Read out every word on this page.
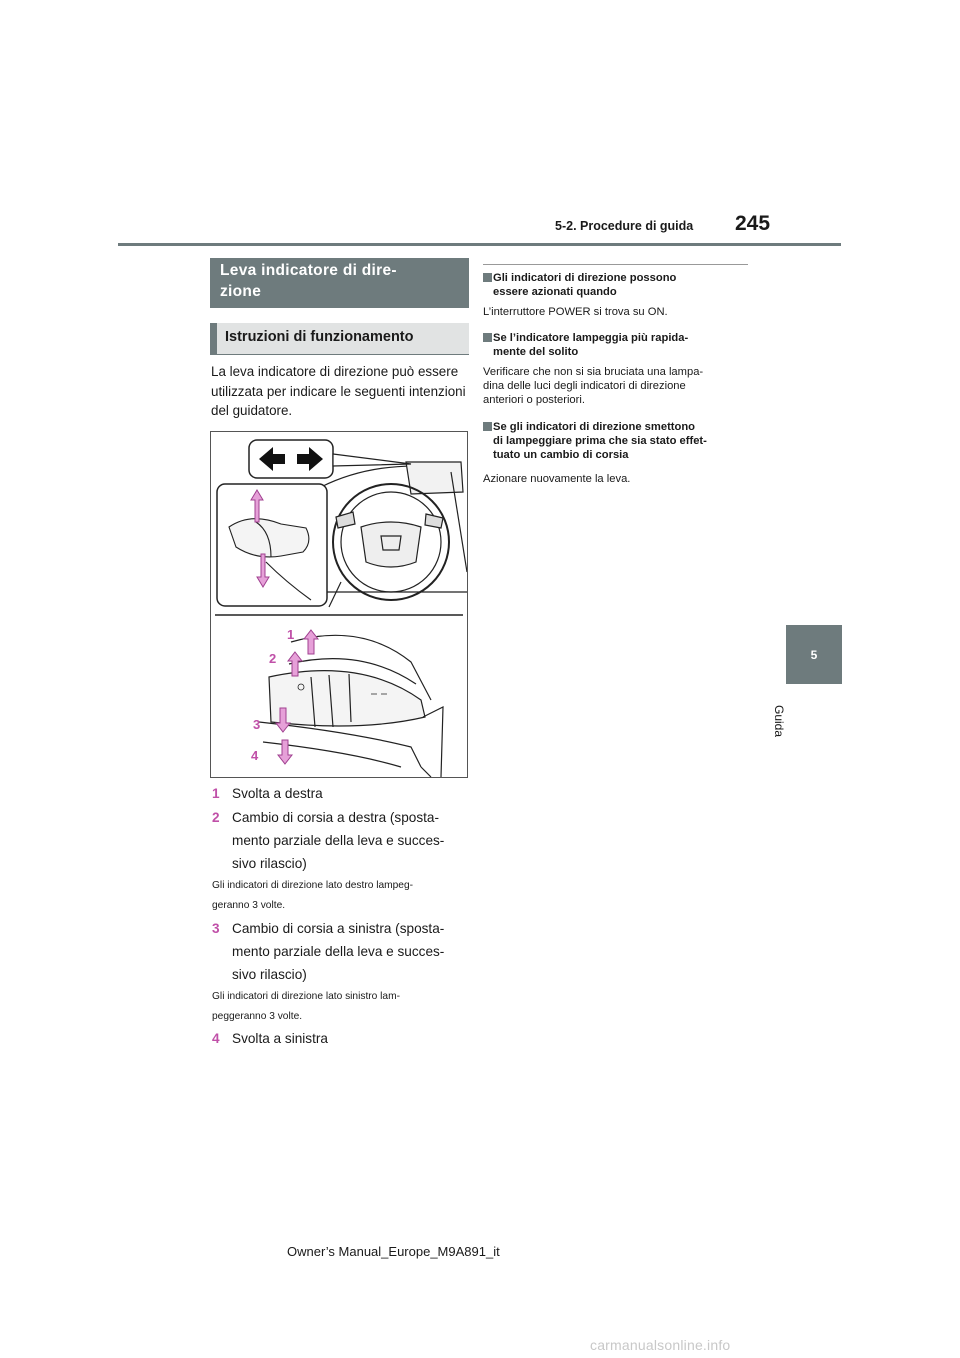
5-2. Procedure di guida 245
5
Guida
Leva indicatore di dire-
zione
Istruzioni di funzionamento
La leva indicatore di direzione può essere utilizzata per indicare le seguenti intenzioni del guidatore.
1
2
3
4
1 Svolta a destra
2 Cambio di corsia a destra (sposta-
mento parziale della leva e succes-
sivo rilascio)
Gli indicatori di direzione lato destro lampeg-
geranno 3 volte.
3 Cambio di corsia a sinistra (sposta-
mento parziale della leva e succes-
sivo rilascio)
Gli indicatori di direzione lato sinistro lam-
peggeranno 3 volte.
4 Svolta a sinistra
Gli indicatori di direzione possono
essere azionati quando
L’interruttore POWER si trova su ON.
Se l’indicatore lampeggia più rapida-
mente del solito
Verificare che non si sia bruciata una lampa-
dina delle luci degli indicatori di direzione
anteriori o posteriori.
Se gli indicatori di direzione smettono
di lampeggiare prima che sia stato effet-
tuato un cambio di corsia
Azionare nuovamente la leva.
Owner’s Manual_Europe_M9A891_it
carmanualsonline.info
